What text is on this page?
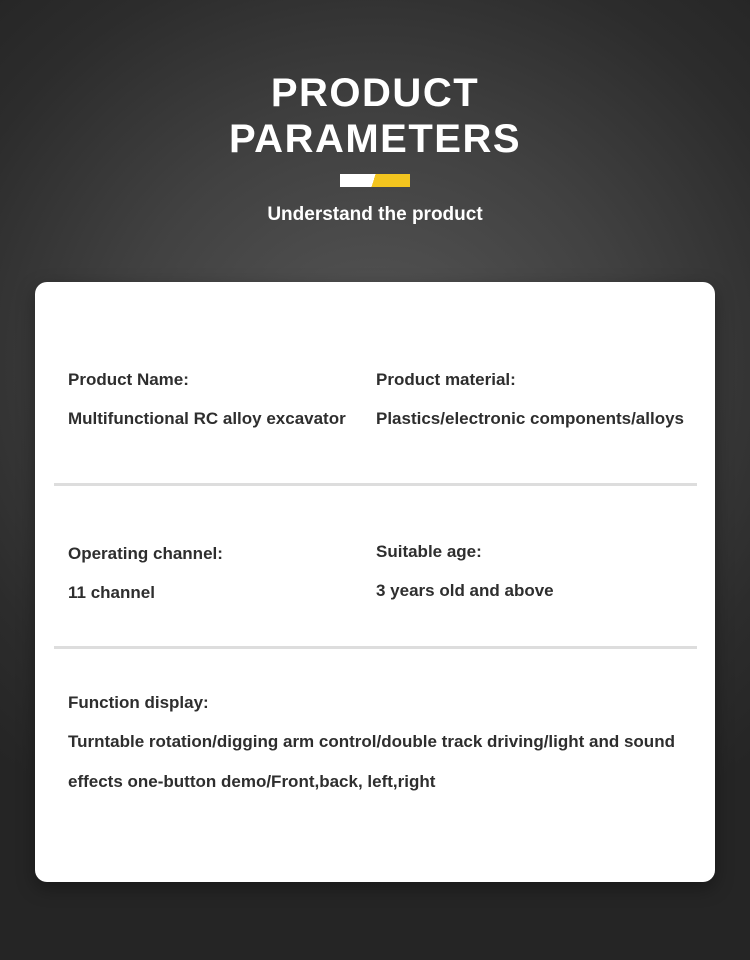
PRODUCT
PARAMETERS
Understand the product
Product Name:
Multifunctional RC alloy excavator
Product material:
Plastics/electronic components/alloys
Operating channel:
11 channel
Suitable age:
3 years old and above
Function display:
Turntable rotation/digging arm control/double track driving/light and sound effects one-button demo/Front,back, left,right
